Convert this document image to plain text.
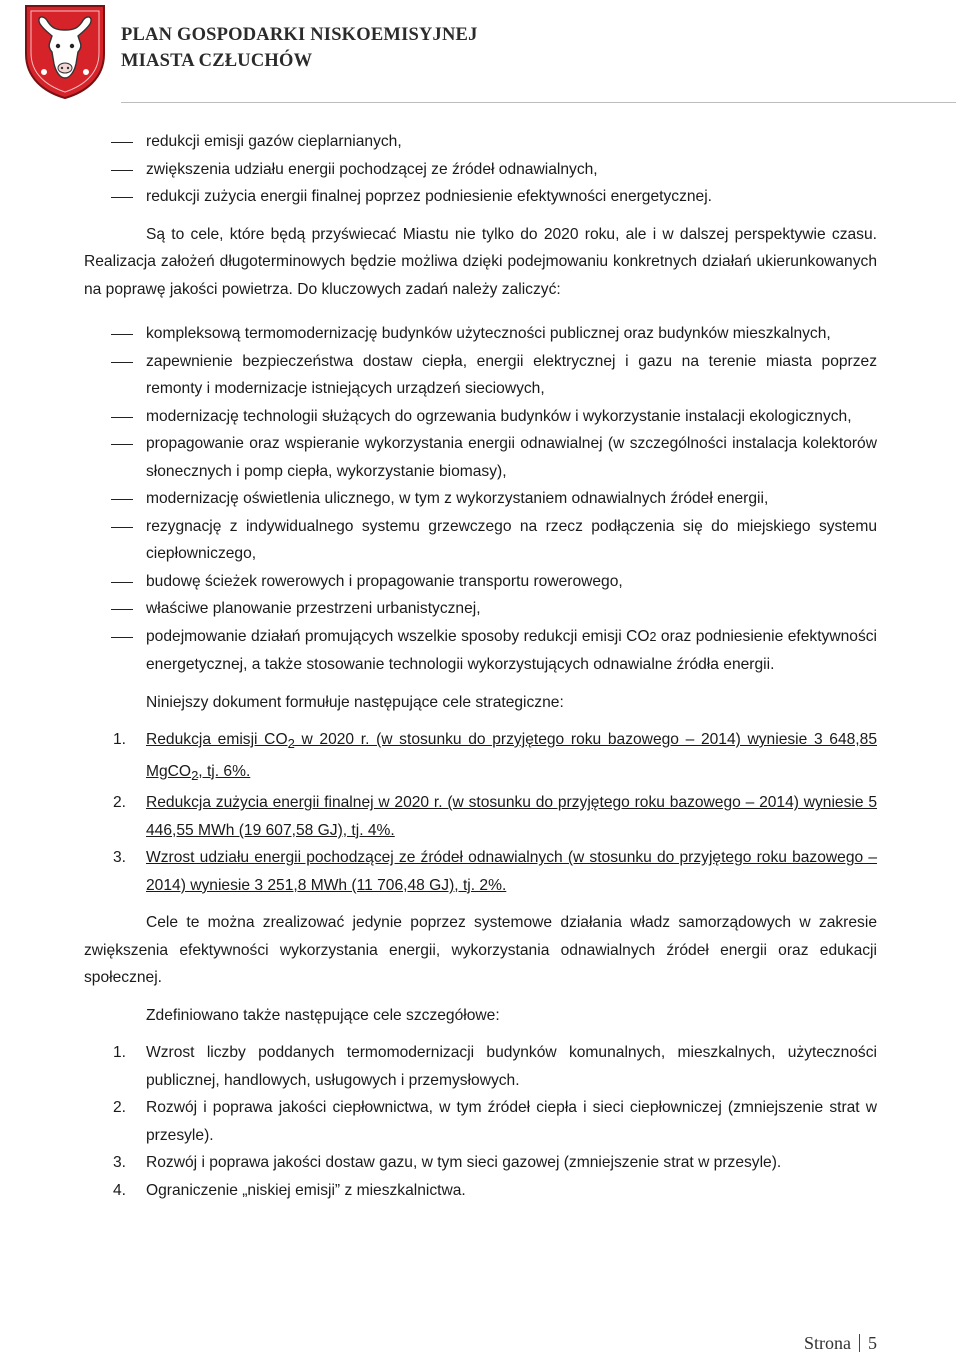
PLAN GOSPODARKI NISKOEMISYJNEJ
MIASTA CZŁUCHÓW
redukcji emisji gazów cieplarnianych,
zwiększenia udziału energii pochodzącej ze źródeł odnawialnych,
redukcji zużycia energii finalnej poprzez podniesienie efektywności energetycznej.

Są to cele, które będą przyświecać Miastu nie tylko do 2020 roku, ale i w dalszej perspektywie czasu. Realizacja założeń długoterminowych będzie możliwa dzięki podejmowaniu konkretnych działań ukierunkowanych na poprawę jakości powietrza. Do kluczowych zadań należy zaliczyć:

kompleksową termomodernizację budynków użyteczności publicznej oraz budynków mieszkalnych,
zapewnienie bezpieczeństwa dostaw ciepła, energii elektrycznej i gazu na terenie miasta poprzez remonty i modernizacje istniejących urządzeń sieciowych,
modernizację technologii służących do ogrzewania budynków i wykorzystanie instalacji ekologicznych,
propagowanie oraz wspieranie wykorzystania energii odnawialnej (w szczególności instalacja kolektorów słonecznych i pomp ciepła, wykorzystanie biomasy),
modernizację oświetlenia ulicznego, w tym z wykorzystaniem odnawialnych źródeł energii,
rezygnację z indywidualnego systemu grzewczego na rzecz podłączenia się do miejskiego systemu ciepłowniczego,
budowę ścieżek rowerowych i propagowanie transportu rowerowego,
właściwe planowanie przestrzeni urbanistycznej,
podejmowanie działań promujących wszelkie sposoby redukcji emisji CO2 oraz podniesienie efektywności energetycznej, a także stosowanie technologii wykorzystujących odnawialne źródła energii.

Niniejszy dokument formułuje następujące cele strategiczne:

1. Redukcja emisji $CO_2$ w 2020 r. (w stosunku do przyjętego roku bazowego – 2014) wyniesie 3 648,85 MgCO$_2$, tj. 6%.
2. Redukcja zużycia energii finalnej w 2020 r. (w stosunku do przyjętego roku bazowego – 2014) wyniesie 5 446,55 MWh (19 607,58 GJ), tj. 4%.
3. Wzrost udziału energii pochodzącej ze źródeł odnawialnych (w stosunku do przyjętego roku bazowego – 2014) wyniesie 3 251,8 MWh (11 706,48 GJ), tj. 2%.

Cele te można zrealizować jedynie poprzez systemowe działania władz samorządowych w zakresie zwiększenia efektywności wykorzystania energii, wykorzystania odnawialnych źródeł energii oraz edukacji społecznej.

Zdefiniowano także następujące cele szczegółowe:

1. Wzrost liczby poddanych termomodernizacji budynków komunalnych, mieszkalnych, użyteczności publicznej, handlowych, usługowych i przemysłowych.
2. Rozwój i poprawa jakości ciepłownictwa, w tym źródeł ciepła i sieci ciepłowniczej (zmniejszenie strat w przesyle).
3. Rozwój i poprawa jakości dostaw gazu, w tym sieci gazowej (zmniejszenie strat w przesyle).
4. Ograniczenie „niskiej emisji” z mieszkalnictwa.
Strona 5
